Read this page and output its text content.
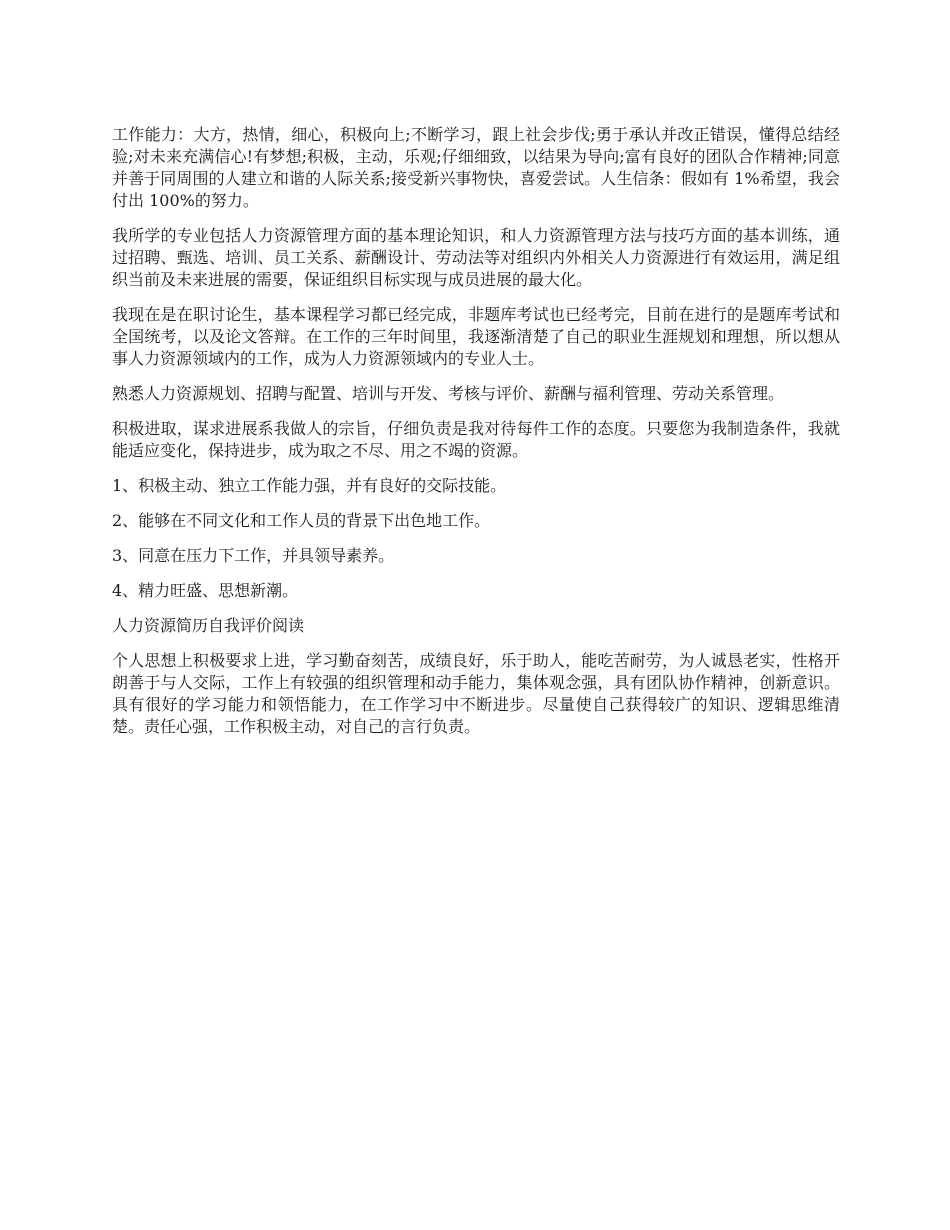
工作能力：大方，热情，细心，积极向上;不断学习，跟上社会步伐;勇于承认并改正错误，懂得总结经验;对未来充满信心!有梦想;积极，主动，乐观;仔细细致，以结果为导向;富有良好的团队合作精神;同意并善于同周围的人建立和谐的人际关系;接受新兴事物快，喜爱尝试。人生信条：假如有 1%希望，我会付出 100%的努力。

我所学的专业包括人力资源管理方面的基本理论知识，和人力资源管理方法与技巧方面的基本训练，通过招聘、甄选、培训、员工关系、薪酬设计、劳动法等对组织内外相关人力资源进行有效运用，满足组织当前及未来进展的需要，保证组织目标实现与成员进展的最大化。

我现在是在职讨论生，基本课程学习都已经完成，非题库考试也已经考完，目前在进行的是题库考试和全国统考，以及论文答辩。在工作的三年时间里，我逐渐清楚了自己的职业生涯规划和理想，所以想从事人力资源领域内的工作，成为人力资源领域内的专业人士。

熟悉人力资源规划、招聘与配置、培训与开发、考核与评价、薪酬与福利管理、劳动关系管理。

积极进取，谋求进展系我做人的宗旨，仔细负责是我对待每件工作的态度。只要您为我制造条件，我就能适应变化，保持进步，成为取之不尽、用之不竭的资源。

1、积极主动、独立工作能力强，并有良好的交际技能。

2、能够在不同文化和工作人员的背景下出色地工作。

3、同意在压力下工作，并具领导素养。

4、精力旺盛、思想新潮。

人力资源简历自我评价阅读

个人思想上积极要求上进，学习勤奋刻苦，成绩良好，乐于助人，能吃苦耐劳，为人诚恳老实，性格开朗善于与人交际，工作上有较强的组织管理和动手能力，集体观念强，具有团队协作精神，创新意识。具有很好的学习能力和领悟能力，在工作学习中不断进步。尽量使自己获得较广的知识、逻辑思维清楚。责任心强，工作积极主动，对自己的言行负责。
